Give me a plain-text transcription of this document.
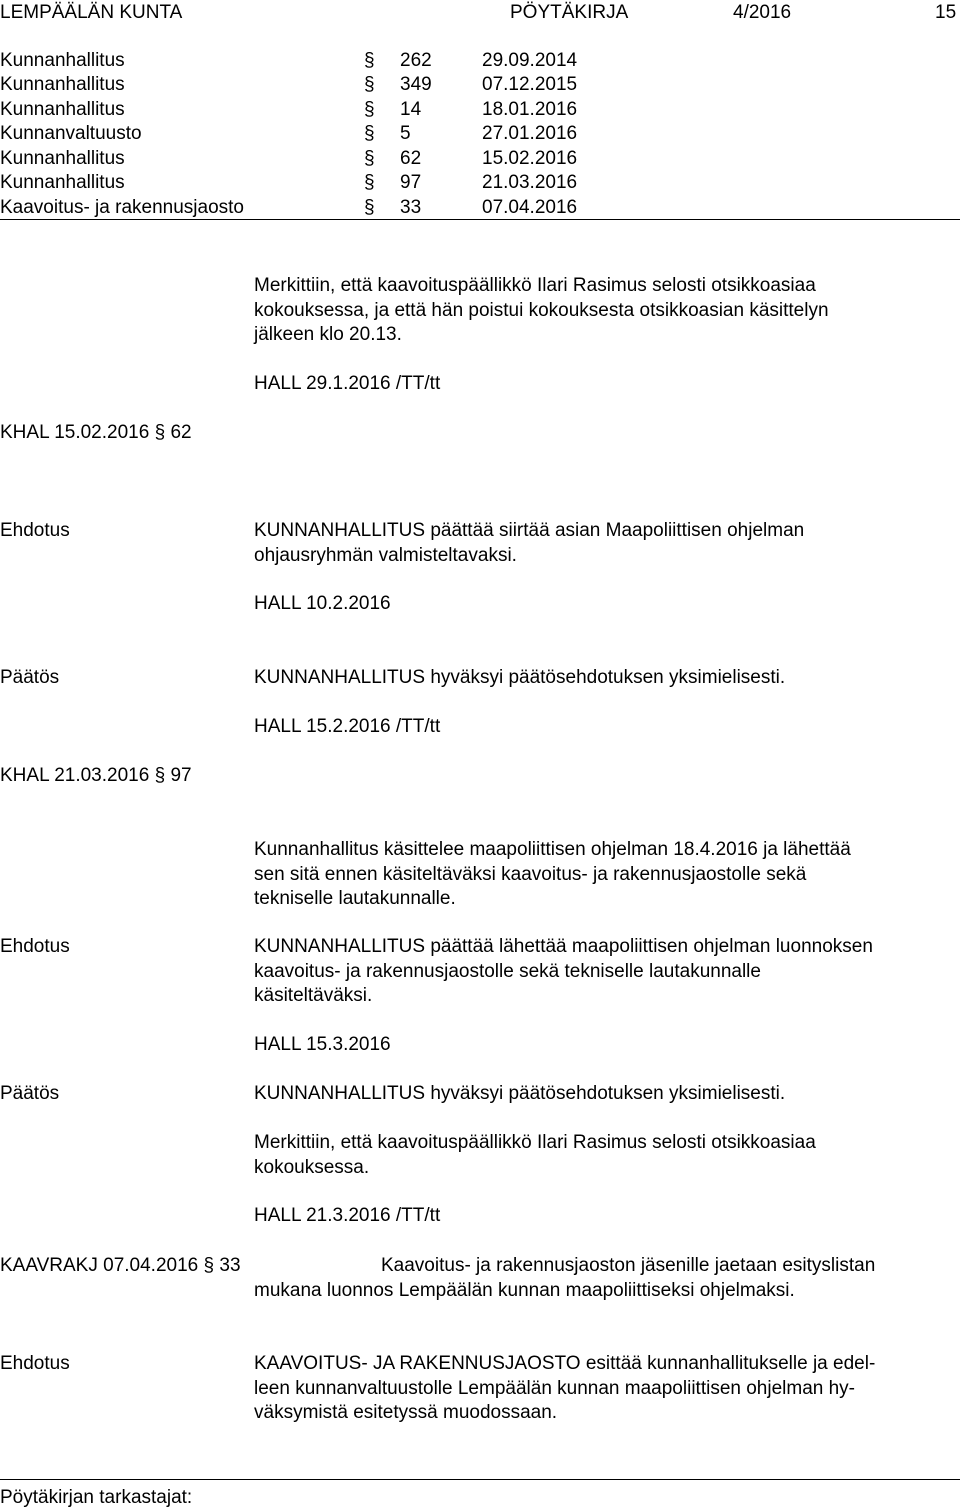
LEMPÄÄLÄN KUNTA	PÖYTÄKIRJA	4/2016	15
Kunnanhallitus	§ 262	29.09.2014
Kunnanhallitus	§ 349	07.12.2015
Kunnanhallitus	§ 14	18.01.2016
Kunnanvaltuusto	§ 5	27.01.2016
Kunnanhallitus	§ 62	15.02.2016
Kunnanhallitus	§ 97	21.03.2016
Kaavoitus- ja rakennusjaosto	§ 33	07.04.2016
Merkittiin, että kaavoituspäällikkö Ilari Rasimus selosti otsikkoasiaa
kokouksessa, ja että hän poistui kokouksesta otsikkoasian käsittelyn
jälkeen klo 20.13.
HALL 29.1.2016 /TT/tt
KHAL 15.02.2016 § 62
Ehdotus	KUNNANHALLITUS päättää siirtää asian Maapoliittisen ohjelman
ohjausryhmän valmisteltavaksi.
HALL 10.2.2016
Päätös	KUNNANHALLITUS hyväksyi päätösehdotuksen yksimielisesti.
HALL 15.2.2016 /TT/tt
KHAL 21.03.2016 § 97
Kunnanhallitus käsittelee maapoliittisen ohjelman 18.4.2016 ja lähettää
sen sitä ennen käsiteltäväksi kaavoitus- ja rakennusjaostolle sekä
tekniselle lautakunnalle.
Ehdotus	KUNNANHALLITUS päättää lähettää maapoliittisen ohjelman luonnoksen
kaavoitus- ja rakennusjaostolle sekä tekniselle lautakunnalle
käsiteltäväksi.
HALL 15.3.2016
Päätös	KUNNANHALLITUS hyväksyi päätösehdotuksen yksimielisesti.
Merkittiin, että kaavoituspäällikkö Ilari Rasimus selosti otsikkoasiaa
kokouksessa.
HALL 21.3.2016 /TT/tt
KAAVRAKJ 07.04.2016 § 33	Kaavoitus- ja rakennusjaoston jäsenille jaetaan esityslistan
mukana luonnos Lempäälän kunnan maapoliittiseksi ohjelmaksi.
Ehdotus	KAAVOITUS- JA RAKENNUSJAOSTO esittää kunnanhallitukselle ja edel-
leen kunnanvaltuustolle Lempäälän kunnan maapoliittisen ohjelman hy-
väksymistä esitetyssä muodossaan.
Pöytäkirjan tarkastajat:
